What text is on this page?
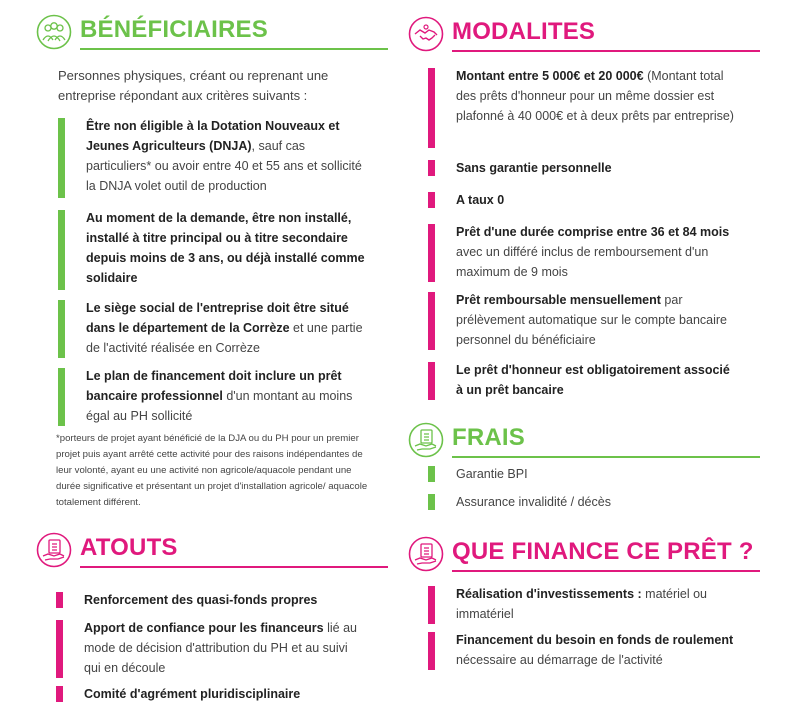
BÉNÉFICIAIRES
Personnes physiques, créant ou reprenant une entreprise répondant aux critères suivants :
Être non éligible à la Dotation Nouveaux et Jeunes Agriculteurs (DNJA), sauf cas particuliers* ou avoir entre 40 et 55 ans et sollicité la DNJA volet outil de production
Au moment de la demande, être non installé, installé à titre principal ou à titre secondaire depuis moins de 3 ans, ou déjà installé comme solidaire
Le siège social de l'entreprise doit être situé dans le département de la Corrèze et une partie de l'activité réalisée en Corrèze
Le plan de financement doit inclure un prêt bancaire professionnel d'un montant au moins égal au PH sollicité
*porteurs de projet ayant bénéficié de la DJA ou du PH pour un premier projet puis ayant arrêté cette activité pour des raisons indépendantes de leur volonté, ayant eu une activité non agricole/aquacole pendant une durée significative et présentant un projet d'installation agricole/ aquacole totalement différent.
MODALITES
Montant entre 5 000€ et 20 000€ (Montant total des prêts d'honneur pour un même dossier est plafonné à 40 000€ et à deux prêts par entreprise)
Sans garantie personnelle
A taux 0
Prêt d'une durée comprise entre 36 et 84 mois avec un différé inclus de remboursement d'un maximum de 9 mois
Prêt remboursable mensuellement par prélèvement automatique sur le compte bancaire personnel du bénéficiaire
Le prêt d'honneur est obligatoirement associé à un prêt bancaire
FRAIS
Garantie BPI
Assurance invalidité / décès
ATOUTS
Renforcement des quasi-fonds propres
Apport de confiance pour les financeurs lié au mode de décision d'attribution du PH et au suivi qui en découle
Comité d'agrément pluridisciplinaire
QUE FINANCE CE PRÊT ?
Réalisation d'investissements : matériel ou immatériel
Financement du besoin en fonds de roulement nécessaire au démarrage de l'activité
